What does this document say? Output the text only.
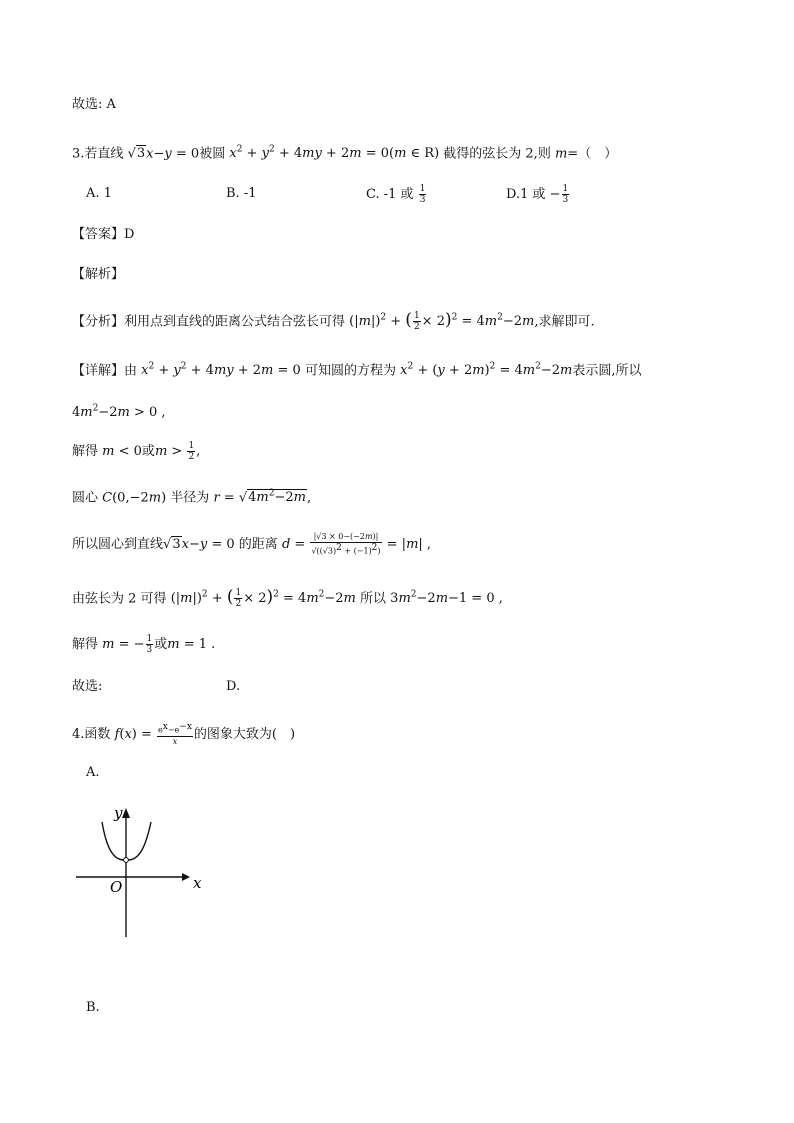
故选: A
3.若直线 √3x−y = 0被圆 $x^2 + y^2 + 4my + 2m = 0(m$ ∈ R) 截得的弦长为 2,则 m=（　）
A. 1	B. -1	C. -1 或 $\frac{1}{3}$	D.1 或 − $\frac{1}{3}$
【答案】D
【解析】
【分析】利用点到直线的距离公式结合弦长可得 $(|m|)^2$ + ( $\frac{1}{2} \times 2)^2 = 4m^2-2m$,求解即可.
【详解】由 $x^2 + y^2 + 4my + 2m = 0$ 可知圆的方程为 $x^2 + (y + 2m)^2 = 4m^2-2m$表示圆,所以
$4m^2-2m > 0$ ,
解得 m < 0或$m > \frac{1}{2}$ ,
圆心 C(0,−2m) 半径为 $r = √4m^2-2m$,
所以圆心到直线√3x−y = 0 的距离 $d = \frac{|√3 \times 0-(-2m)|}{√((√3)^2 + (-1)^2)} = |m|$ ,
由弦长为 2 可得 $(|m|)^2$ + ( $\frac{1}{2} \times 2)^2 = 4m^2-2m$ 所以 $3m^2-2m-1 = 0$ ,
解得 m = − $\frac{1}{3}$ 或m = 1 .
故选:	D.
4.函数 $f(x) = \frac{e^x-e^{-x}}{x}$ 的图象大致为(　)
A.
x
y
O
B.
